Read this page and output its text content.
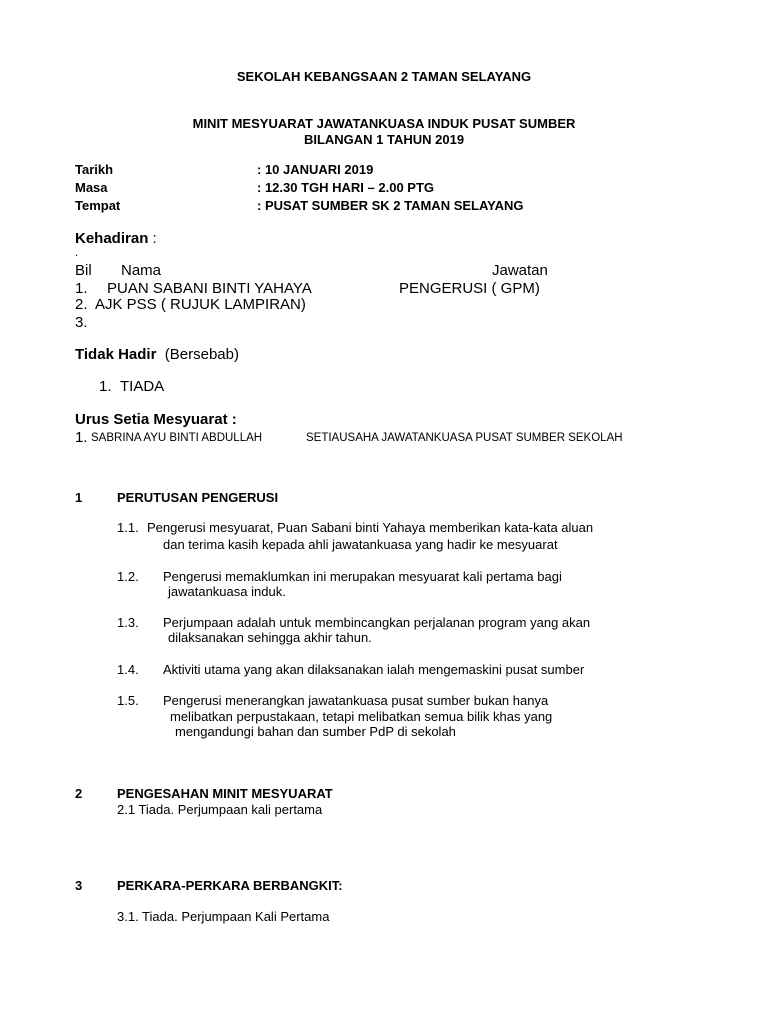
SEKOLAH KEBANGSAAN 2 TAMAN SELAYANG
MINIT MESYUARAT JAWATANKUASA INDUK PUSAT SUMBER
BILANGAN 1 TAHUN 2019
Tarikh	: 10 JANUARI 2019
Masa	: 12.30 TGH HARI – 2.00 PTG
Tempat	: PUSAT SUMBER SK 2 TAMAN SELAYANG
Kehadiran :
.
Bil Nama	Jawatan
1. PUAN SABANI BINTI YAHAYA	PENGERUSI ( GPM)
2. AJK PSS ( RUJUK LAMPIRAN)
3.
Tidak Hadir (Bersebab)
1. TIADA
Urus Setia Mesyuarat :
1. SABRINA AYU BINTI ABDULLAH	SETIAUSAHA JAWATANKUASA PUSAT SUMBER SEKOLAH
1	PERUTUSAN PENGERUSI
1.1. Pengerusi mesyuarat, Puan Sabani binti Yahaya memberikan kata-kata aluan
dan terima kasih kepada ahli jawatankuasa yang hadir ke mesyuarat
1.2. Pengerusi memaklumkan ini merupakan mesyuarat kali pertama bagi
jawatankuasa induk.
1.3. Perjumpaan adalah untuk membincangkan perjalanan program yang akan
dilaksanakan sehingga akhir tahun.
1.4. Aktiviti utama yang akan dilaksanakan ialah mengemaskini pusat sumber
1.5. Pengerusi menerangkan jawatankuasa pusat sumber bukan hanya
melibatkan perpustakaan, tetapi melibatkan semua bilik khas yang
mengandungi bahan dan sumber PdP di sekolah
2	PENGESAHAN MINIT MESYUARAT
2.1 Tiada. Perjumpaan kali pertama
3	PERKARA-PERKARA BERBANGKIT:
3.1. Tiada. Perjumpaan Kali Pertama
